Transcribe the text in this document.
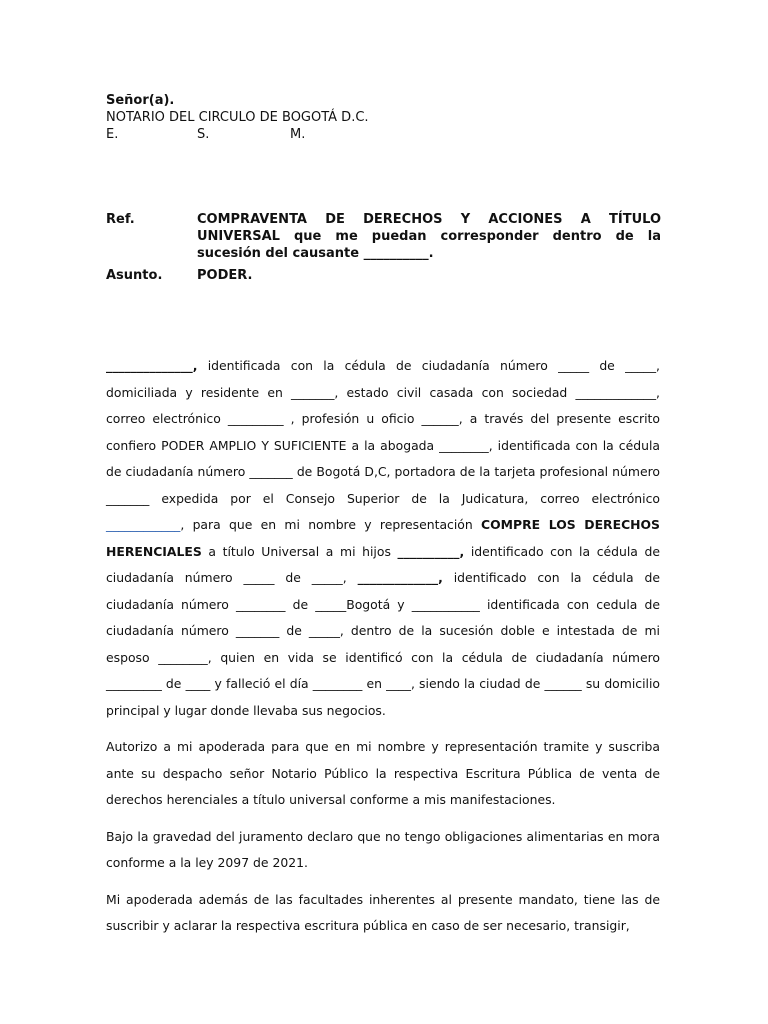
Señor(a).
NOTARIO DEL CIRCULO DE BOGOTÁ D.C.
E.	S.	M.
Ref.	COMPRAVENTA DE DERECHOS Y ACCIONES A TÍTULO UNIVERSAL que me puedan corresponder dentro de la sucesión del causante __________.
Asunto.	PODER.

______________, identificada con la cédula de ciudadanía número _____ de _____, domiciliada y residente en _______, estado civil casada con sociedad _____________, correo electrónico _________ , profesión u oficio ______, a través del presente escrito confiero PODER AMPLIO Y SUFICIENTE a la abogada ________, identificada con la cédula de ciudadanía número _______ de Bogotá D,C, portadora de la tarjeta profesional número _______ expedida por el Consejo Superior de la Judicatura, correo electrónico ____________, para que en mi nombre y representación COMPRE LOS DERECHOS HERENCIALES a título Universal a mi hijos __________, identificado con la cédula de ciudadanía número _____ de _____, _____________, identificado con la cédula de ciudadanía número ________ de _____Bogotá y ___________ identificada con cedula de ciudadanía número _______ de _____, dentro de la sucesión doble e intestada de mi esposo ________, quien en vida se identificó con la cédula de ciudadanía número _________ de ____ y falleció el día ________ en ____, siendo la ciudad de ______ su domicilio principal y lugar donde llevaba sus negocios.

Autorizo a mi apoderada para que en mi nombre y representación tramite y suscriba ante su despacho señor Notario Público la respectiva Escritura Pública de venta de derechos herenciales a título universal conforme a mis manifestaciones.

Bajo la gravedad del juramento declaro que no tengo obligaciones alimentarias en mora conforme a la ley 2097 de 2021.

Mi apoderada además de las facultades inherentes al presente mandato, tiene las de suscribir y aclarar la respectiva escritura pública en caso de ser necesario, transigir,
